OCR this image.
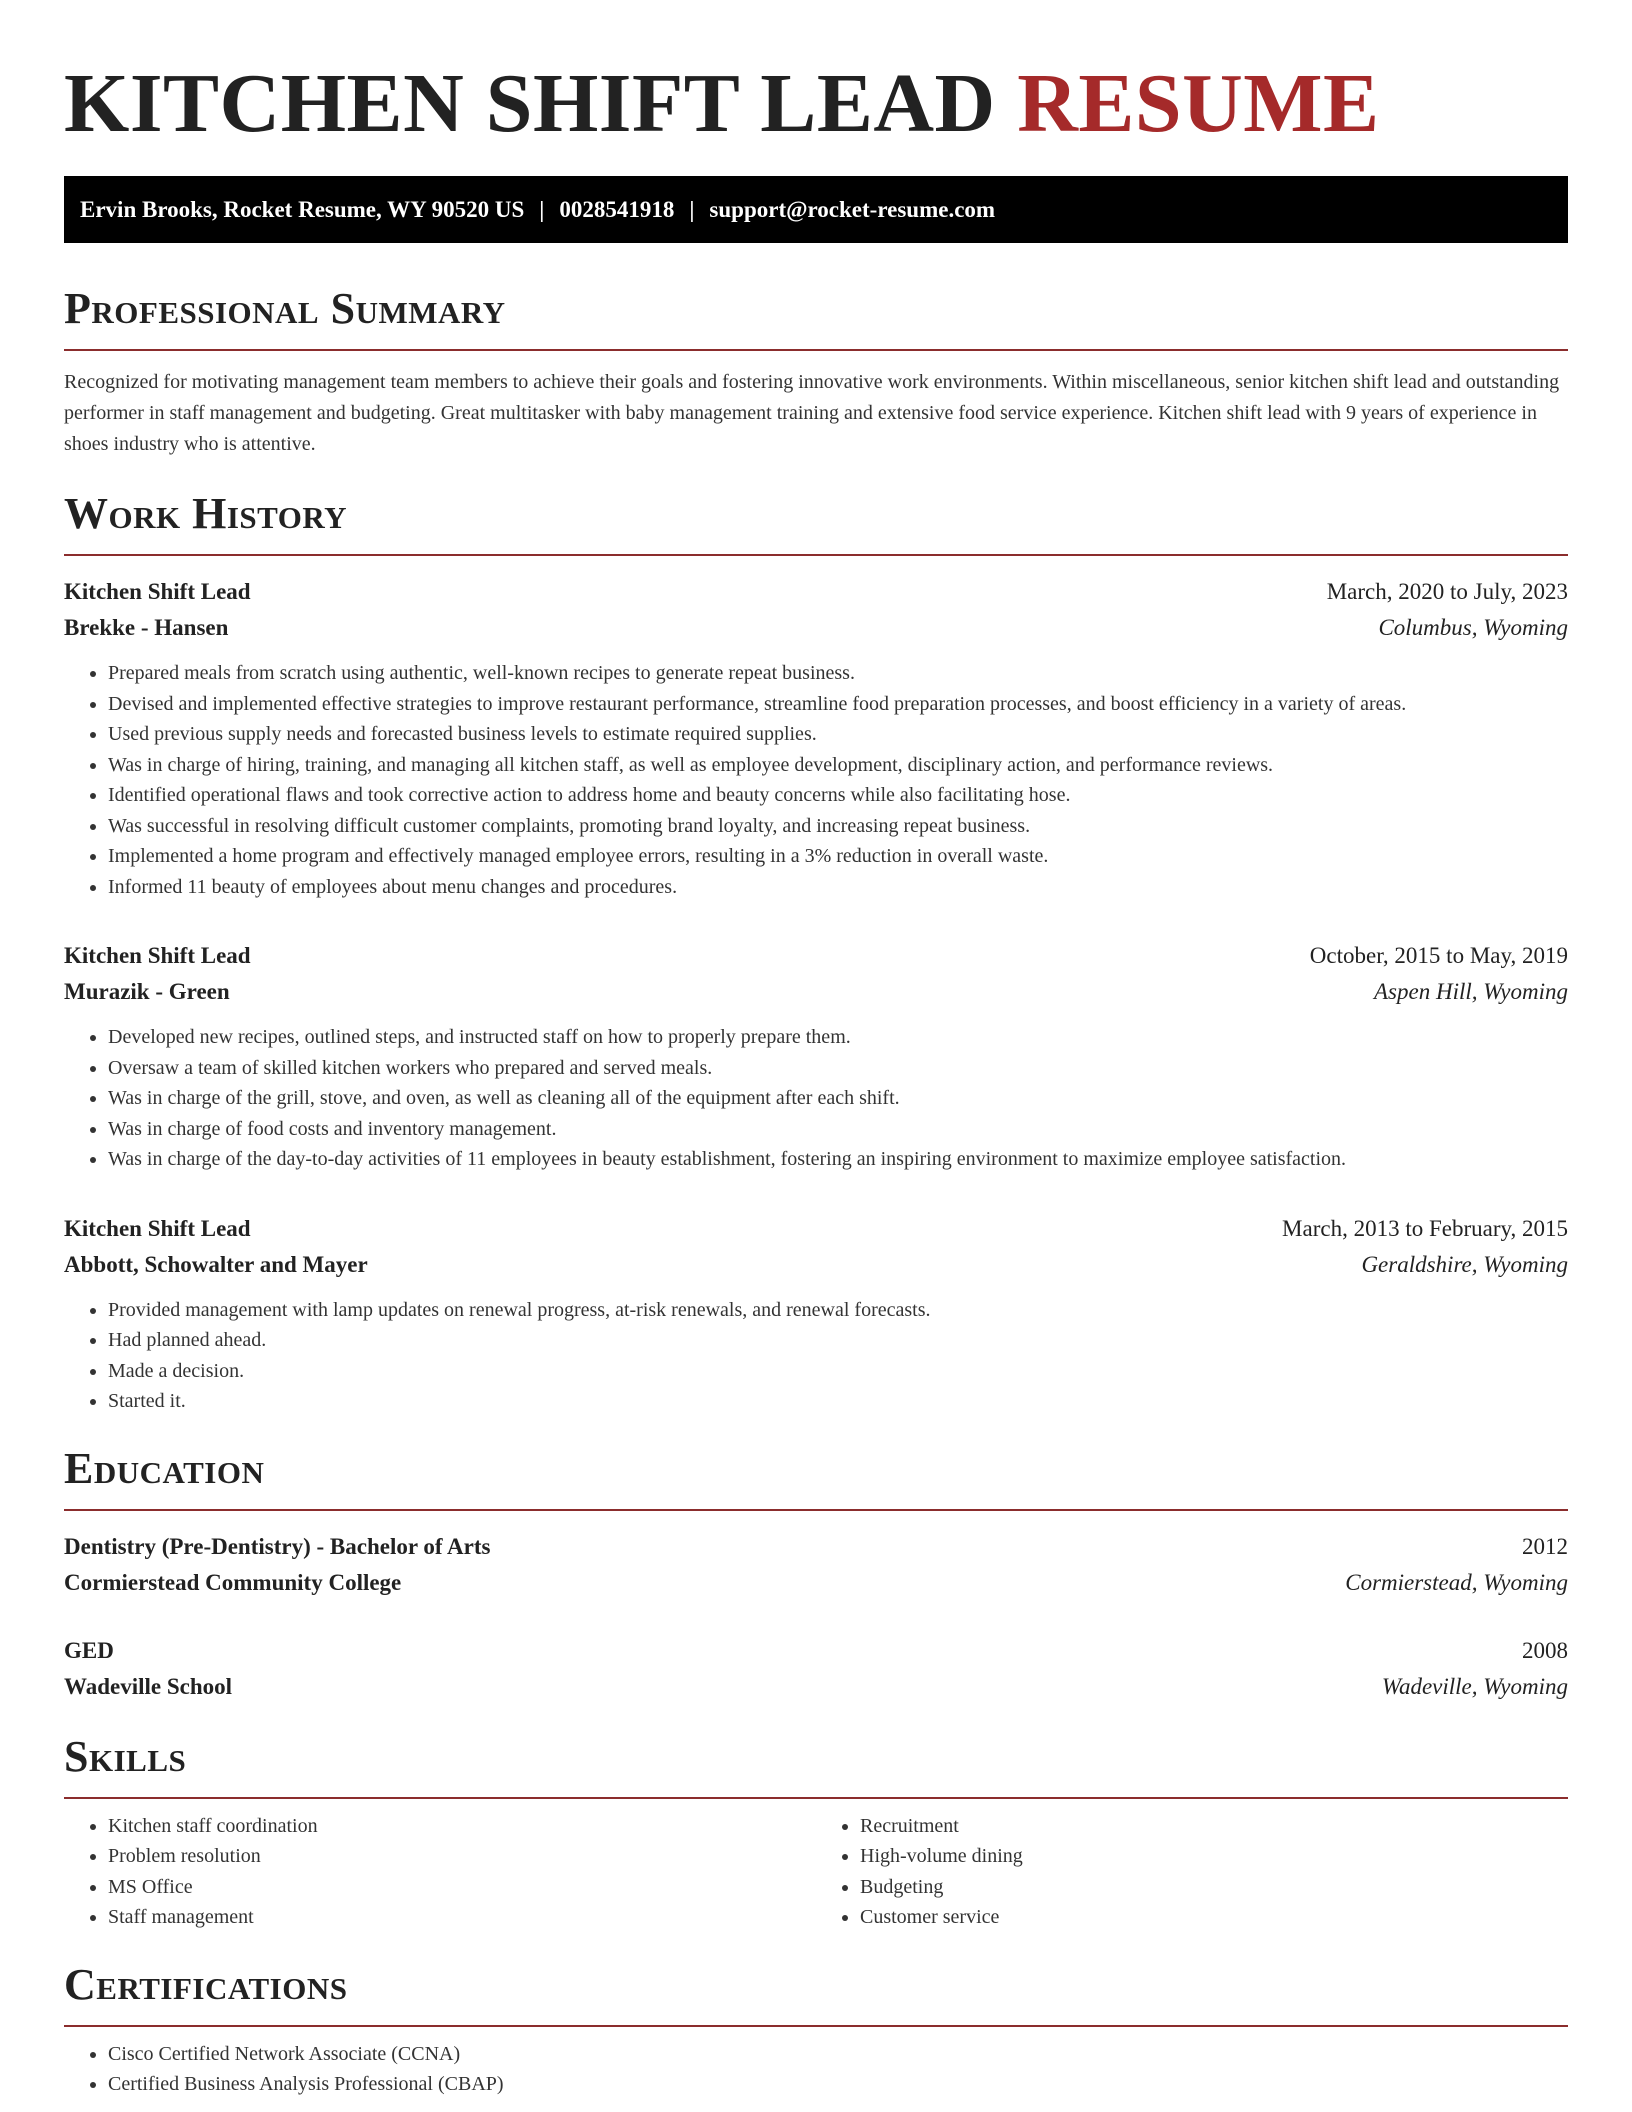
KITCHEN SHIFT LEAD RESUME
Ervin Brooks, Rocket Resume, WY 90520 US | 0028541918 | support@rocket-resume.com
Professional Summary

Recognized for motivating management team members to achieve their goals and fostering innovative work environments. Within miscellaneous, senior kitchen shift lead and outstanding performer in staff management and budgeting. Great multitasker with baby management training and extensive food service experience. Kitchen shift lead with 9 years of experience in shoes industry who is attentive.

Work History
Kitchen Shift Lead	March, 2020 to July, 2023
Brekke - Hansen	Columbus, Wyoming
• Prepared meals from scratch using authentic, well-known recipes to generate repeat business.
• Devised and implemented effective strategies to improve restaurant performance, streamline food preparation processes, and boost efficiency in a variety of areas.
• Used previous supply needs and forecasted business levels to estimate required supplies.
• Was in charge of hiring, training, and managing all kitchen staff, as well as employee development, disciplinary action, and performance reviews.
• Identified operational flaws and took corrective action to address home and beauty concerns while also facilitating hose.
• Was successful in resolving difficult customer complaints, promoting brand loyalty, and increasing repeat business.
• Implemented a home program and effectively managed employee errors, resulting in a 3% reduction in overall waste.
• Informed 11 beauty of employees about menu changes and procedures.
Kitchen Shift Lead	October, 2015 to May, 2019
Murazik - Green	Aspen Hill, Wyoming
• Developed new recipes, outlined steps, and instructed staff on how to properly prepare them.
• Oversaw a team of skilled kitchen workers who prepared and served meals.
• Was in charge of the grill, stove, and oven, as well as cleaning all of the equipment after each shift.
• Was in charge of food costs and inventory management.
• Was in charge of the day-to-day activities of 11 employees in beauty establishment, fostering an inspiring environment to maximize employee satisfaction.
Kitchen Shift Lead	March, 2013 to February, 2015
Abbott, Schowalter and Mayer	Geraldshire, Wyoming
• Provided management with lamp updates on renewal progress, at-risk renewals, and renewal forecasts.
• Had planned ahead.
• Made a decision.
• Started it.
Education
Dentistry (Pre-Dentistry) - Bachelor of Arts	2012
Cormierstead Community College	Cormierstead, Wyoming
GED	2008
Wadeville School	Wadeville, Wyoming
Skills
• Kitchen staff coordination
• Problem resolution
• MS Office
• Staff management
• Recruitment
• High-volume dining
• Budgeting
• Customer service
Certifications
• Cisco Certified Network Associate (CCNA)
• Certified Business Analysis Professional (CBAP)
